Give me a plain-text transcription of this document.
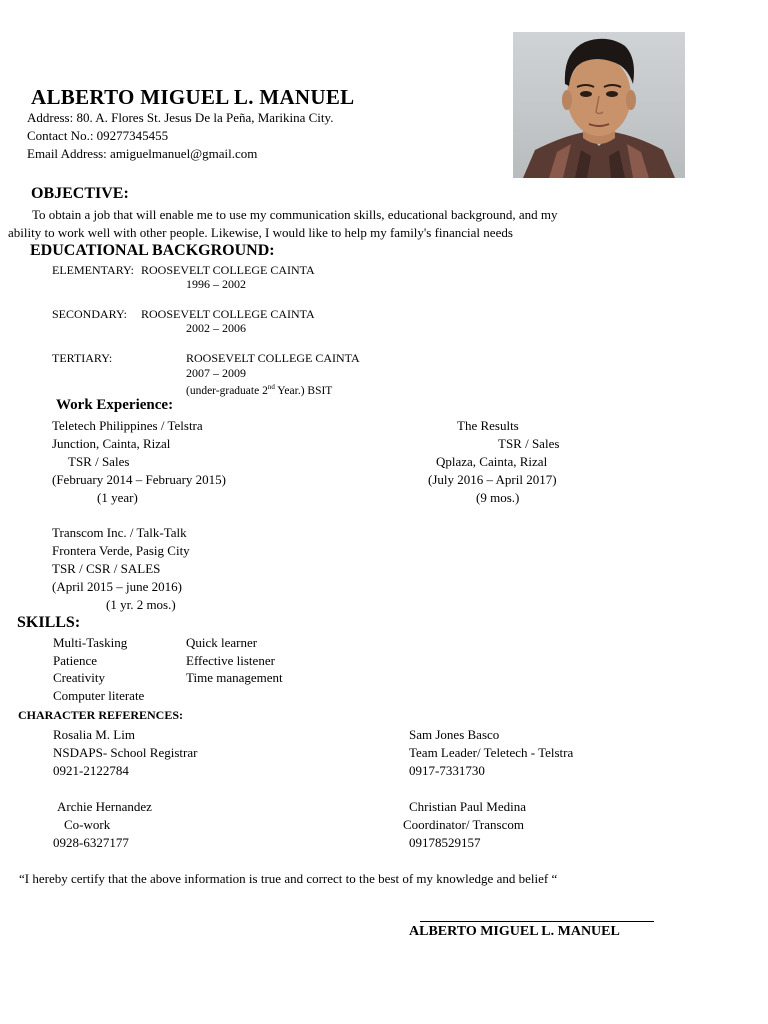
ALBERTO MIGUEL L. MANUEL
Address: 80. A. Flores St. Jesus De la Peña, Marikina City.
Contact No.: 09277345455
Email Address: amiguelmanuel@gmail.com
OBJECTIVE:
To obtain a job that will enable me to use my communication skills, educational background, and my
ability to work well with other people. Likewise, I would like to help my family's financial needs
EDUCATIONAL BACKGROUND:
ELEMENTARY: ROOSEVELT COLLEGE CAINTA
1996 – 2002
SECONDARY: ROOSEVELT COLLEGE CAINTA
2002 – 2006
TERTIARY:	ROOSEVELT COLLEGE CAINTA
2007 – 2009
(under-graduate 2nd Year.) BSIT
Work Experience:
Teletech Philippines / Telstra
Junction, Cainta, Rizal
TSR / Sales
(February 2014 – February 2015)
(1 year)
The Results
TSR / Sales
Qplaza, Cainta, Rizal
(July 2016 – April 2017)
(9 mos.)
Transcom Inc. / Talk-Talk
Frontera Verde, Pasig City
TSR / CSR / SALES
(April 2015 – june 2016)
(1 yr. 2 mos.)
SKILLS:
Multi-Tasking
Patience
Creativity
Computer literate
Quick learner
Effective listener
Time management
CHARACTER REFERENCES:
Rosalia M. Lim
NSDAPS- School Registrar
0921-2122784
Sam Jones Basco
Team Leader/ Teletech - Telstra
0917-7331730
Archie Hernandez
Co-work
0928-6327177
Christian Paul Medina
Coordinator/ Transcom
09178529157
“I hereby certify that the above information is true and correct to the best of my knowledge and belief “
ALBERTO MIGUEL L. MANUEL
